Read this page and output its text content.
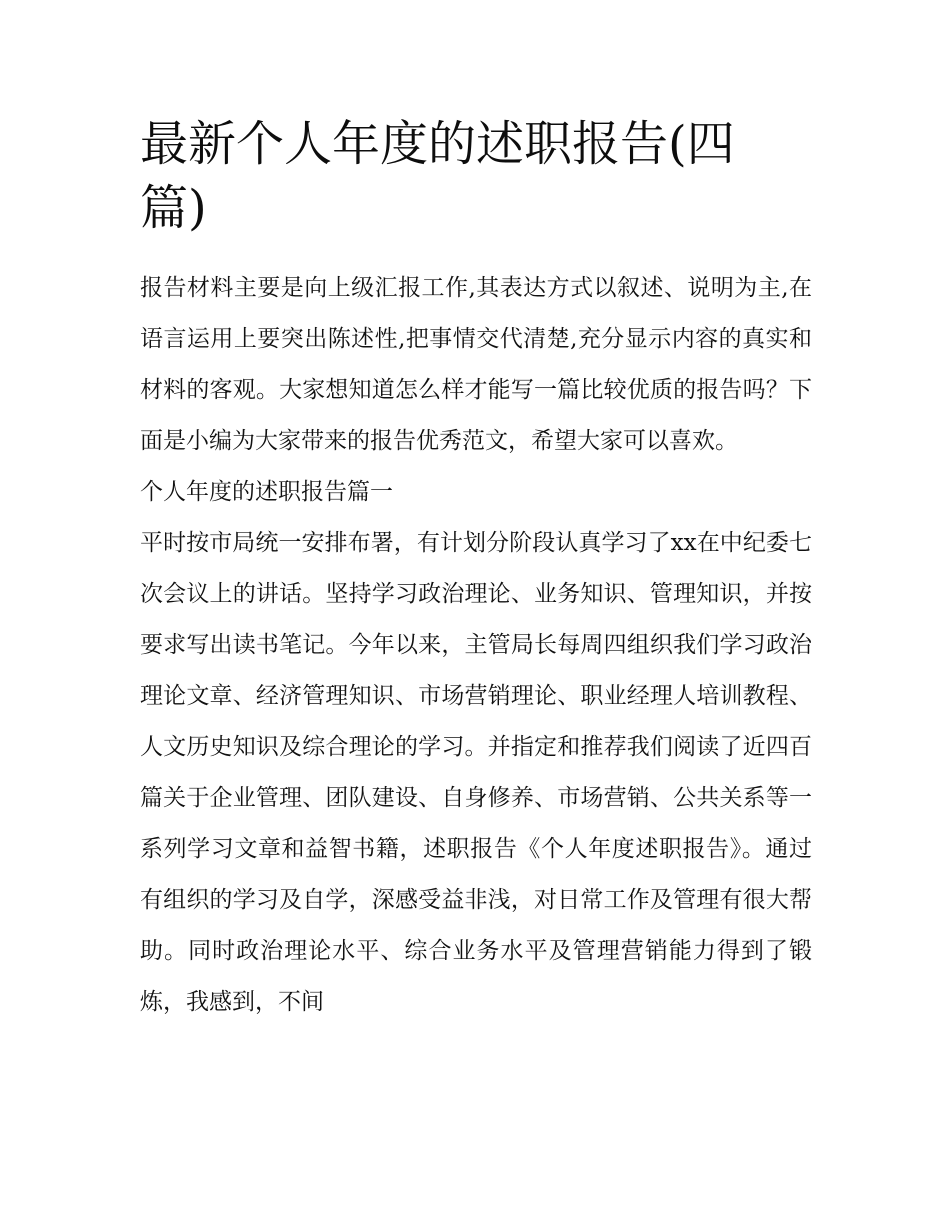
最新个人年度的述职报告(四篇)

报告材料主要是向上级汇报工作,其表达方式以叙述、说明为主,在语言运用上要突出陈述性,把事情交代清楚,充分显示内容的真实和材料的客观。大家想知道怎么样才能写一篇比较优质的报告吗？下面是小编为大家带来的报告优秀范文，希望大家可以喜欢。

个人年度的述职报告篇一

平时按市局统一安排布署，有计划分阶段认真学习了xx在中纪委七次会议上的讲话。坚持学习政治理论、业务知识、管理知识，并按要求写出读书笔记。今年以来，主管局长每周四组织我们学习政治理论文章、经济管理知识、市场营销理论、职业经理人培训教程、人文历史知识及综合理论的学习。并指定和推荐我们阅读了近四百篇关于企业管理、团队建设、自身修养、市场营销、公共关系等一系列学习文章和益智书籍，述职报告《个人年度述职报告》。通过有组织的学习及自学，深感受益非浅，对日常工作及管理有很大帮助。同时政治理论水平、综合业务水平及管理营销能力得到了锻炼，我感到，不间
